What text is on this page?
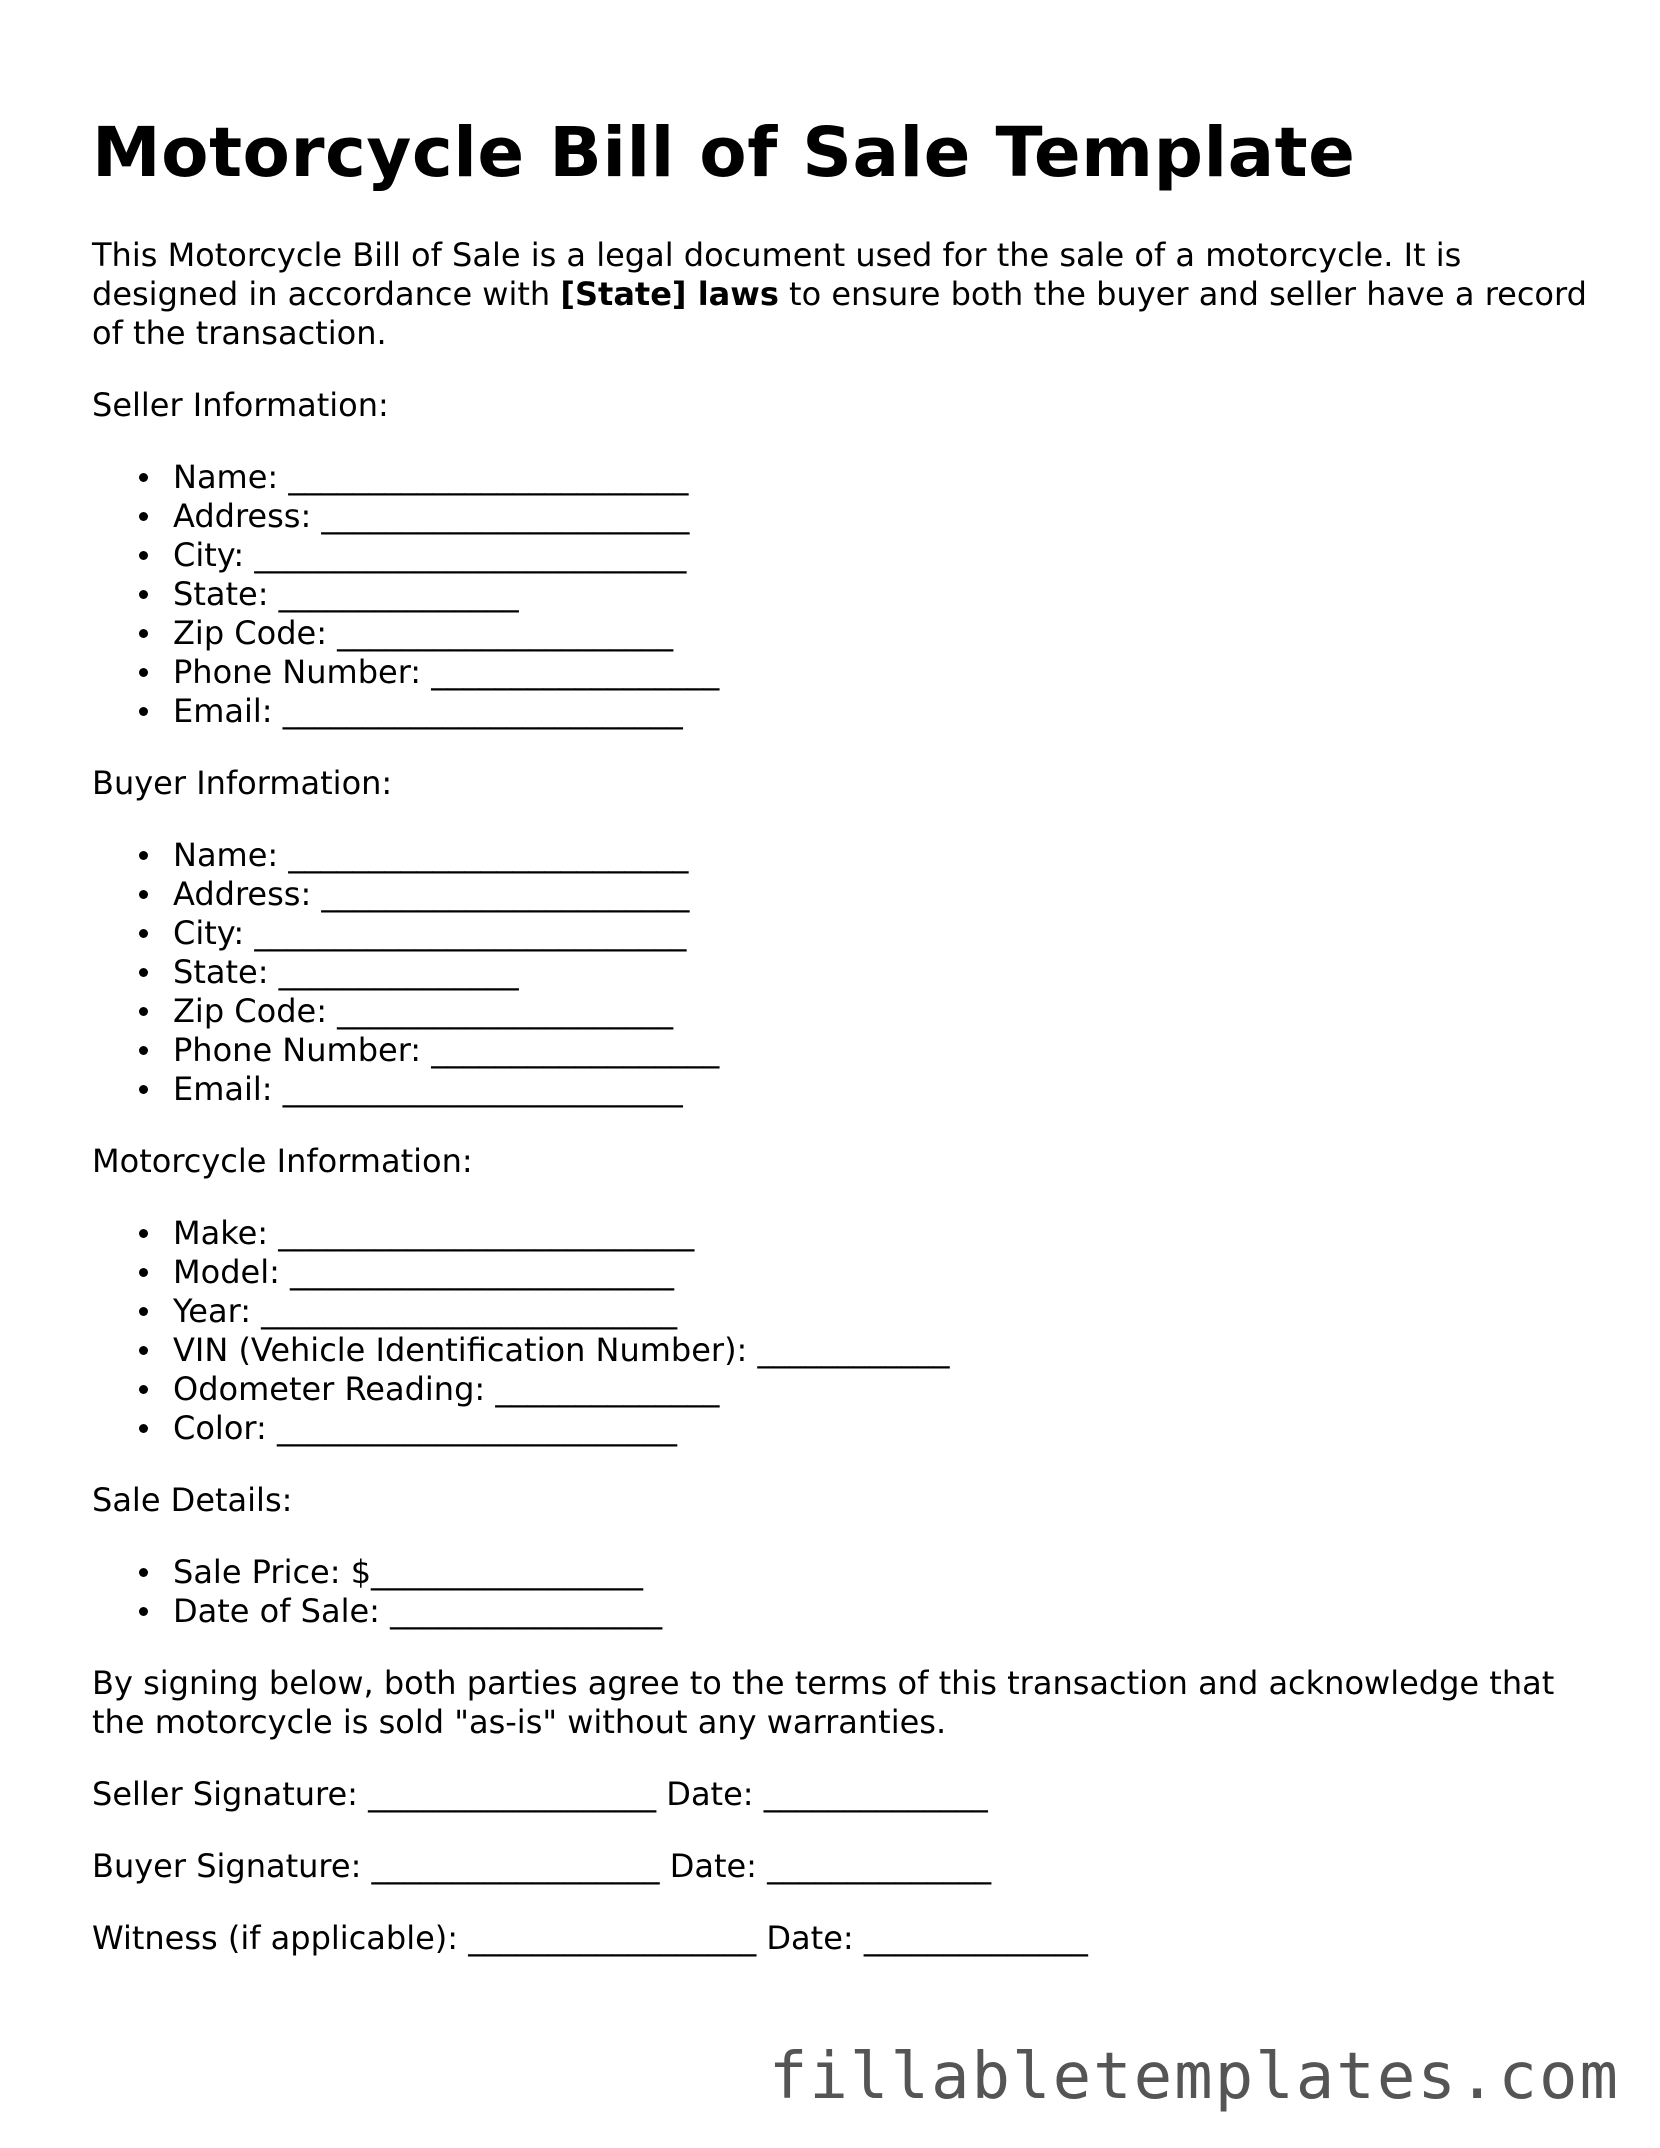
Motorcycle Bill of Sale Template

This Motorcycle Bill of Sale is a legal document used for the sale of a motorcycle. It is designed in accordance with [State] laws to ensure both the buyer and seller have a record of the transaction.

Seller Information:

Name: _________________________
Address: _______________________
City: ___________________________
State: _______________
Zip Code: _____________________
Phone Number: __________________
Email: _________________________

Buyer Information:

Name: _________________________
Address: _______________________
City: ___________________________
State: _______________
Zip Code: _____________________
Phone Number: __________________
Email: _________________________

Motorcycle Information:

Make: __________________________
Model: ________________________
Year: __________________________
VIN (Vehicle Identification Number): ____________
Odometer Reading: ______________
Color: _________________________

Sale Details:

Sale Price: $_________________
Date of Sale: _________________

By signing below, both parties agree to the terms of this transaction and acknowledge that the motorcycle is sold "as-is" without any warranties.

Seller Signature: __________________ Date: ______________

Buyer Signature: __________________ Date: ______________

Witness (if applicable): __________________ Date: ______________

fillabletemplates.com
